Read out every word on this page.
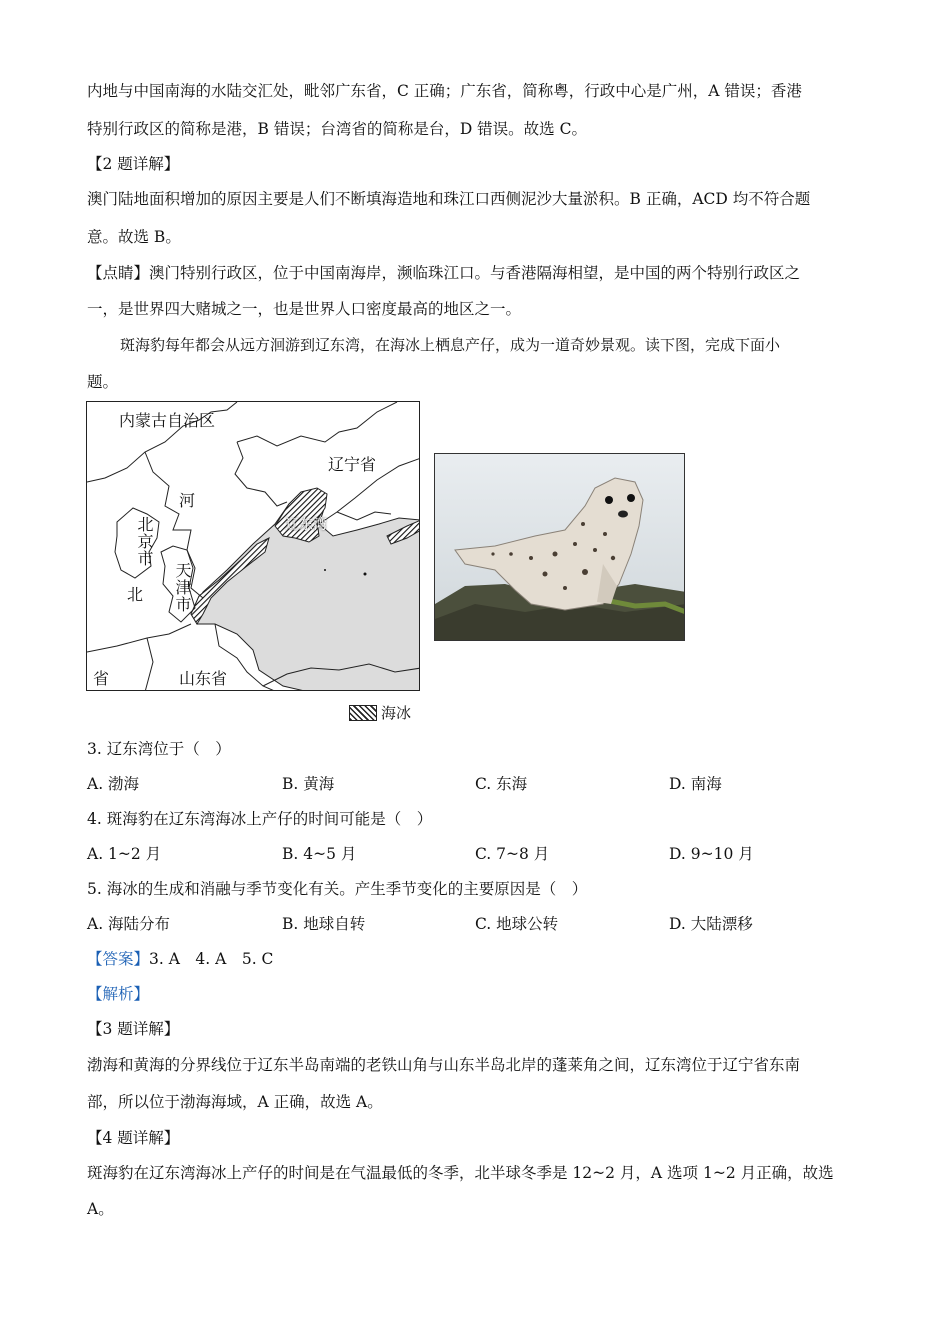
内地与中国南海的水陆交汇处，毗邻广东省，C 正确；广东省，简称粤，行政中心是广州，A 错误；香港
特别行政区的简称是港，B 错误；台湾省的简称是台，D 错误。故选 C。
【2 题详解】
澳门陆地面积增加的原因主要是人们不断填海造地和珠江口西侧泥沙大量淤积。B 正确，ACD 均不符合题
意。故选 B。
【点睛】澳门特别行政区，位于中国南海岸，濒临珠江口。与香港隔海相望，是中国的两个特别行政区之
一，是世界四大赌城之一，也是世界人口密度最高的地区之一。
斑海豹每年都会从远方洄游到辽东湾，在海冰上栖息产仔，成为一道奇妙景观。读下图，完成下面小
题。
内蒙古自治区
辽宁省
辽东湾
河
北京市
天津市
北
省	山东省
海冰
3. 辽东湾位于（　）
A. 渤海	B. 黄海	C. 东海	D. 南海
4. 斑海豹在辽东湾海冰上产仔的时间可能是（　）
A. 1~2 月	B. 4~5 月	C. 7~8 月	D. 9~10 月
5. 海冰的生成和消融与季节变化有关。产生季节变化的主要原因是（　）
A. 海陆分布	B. 地球自转	C. 地球公转	D. 大陆漂移
【答案】3. A　4. A　5. C
【解析】
【3 题详解】
渤海和黄海的分界线位于辽东半岛南端的老铁山角与山东半岛北岸的蓬莱角之间，辽东湾位于辽宁省东南
部，所以位于渤海海域，A 正确，故选 A。
【4 题详解】
斑海豹在辽东湾海冰上产仔的时间是在气温最低的冬季，北半球冬季是 12~2 月，A 选项 1~2 月正确，故选
A。
